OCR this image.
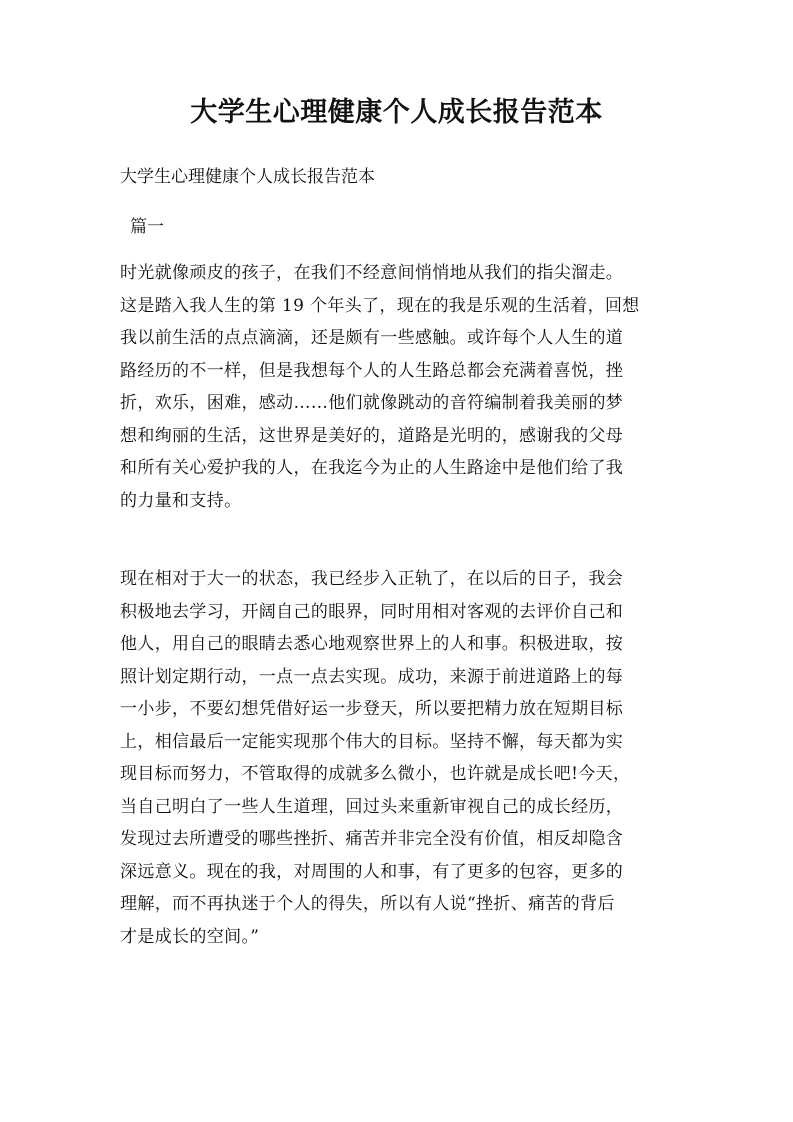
大学生心理健康个人成长报告范本
大学生心理健康个人成长报告范本
篇一
时光就像顽皮的孩子，在我们不经意间悄悄地从我们的指尖溜走。
这是踏入我人生的第 19 个年头了，现在的我是乐观的生活着，回想
我以前生活的点点滴滴，还是颇有一些感触。或许每个人人生的道
路经历的不一样，但是我想每个人的人生路总都会充满着喜悦，挫
折，欢乐，困难，感动……他们就像跳动的音符编制着我美丽的梦
想和绚丽的生活，这世界是美好的，道路是光明的，感谢我的父母
和所有关心爱护我的人，在我迄今为止的人生路途中是他们给了我
的力量和支持。
现在相对于大一的状态，我已经步入正轨了，在以后的日子，我会
积极地去学习，开阔自己的眼界，同时用相对客观的去评价自己和
他人，用自己的眼睛去悉心地观察世界上的人和事。积极进取，按
照计划定期行动，一点一点去实现。成功，来源于前进道路上的每
一小步，不要幻想凭借好运一步登天，所以要把精力放在短期目标
上，相信最后一定能实现那个伟大的目标。坚持不懈，每天都为实
现目标而努力，不管取得的成就多么微小，也许就是成长吧!今天，
当自己明白了一些人生道理，回过头来重新审视自己的成长经历，
发现过去所遭受的哪些挫折、痛苦并非完全没有价值，相反却隐含
深远意义。现在的我，对周围的人和事，有了更多的包容，更多的
理解，而不再执迷于个人的得失，所以有人说“挫折、痛苦的背后
才是成长的空间。”
